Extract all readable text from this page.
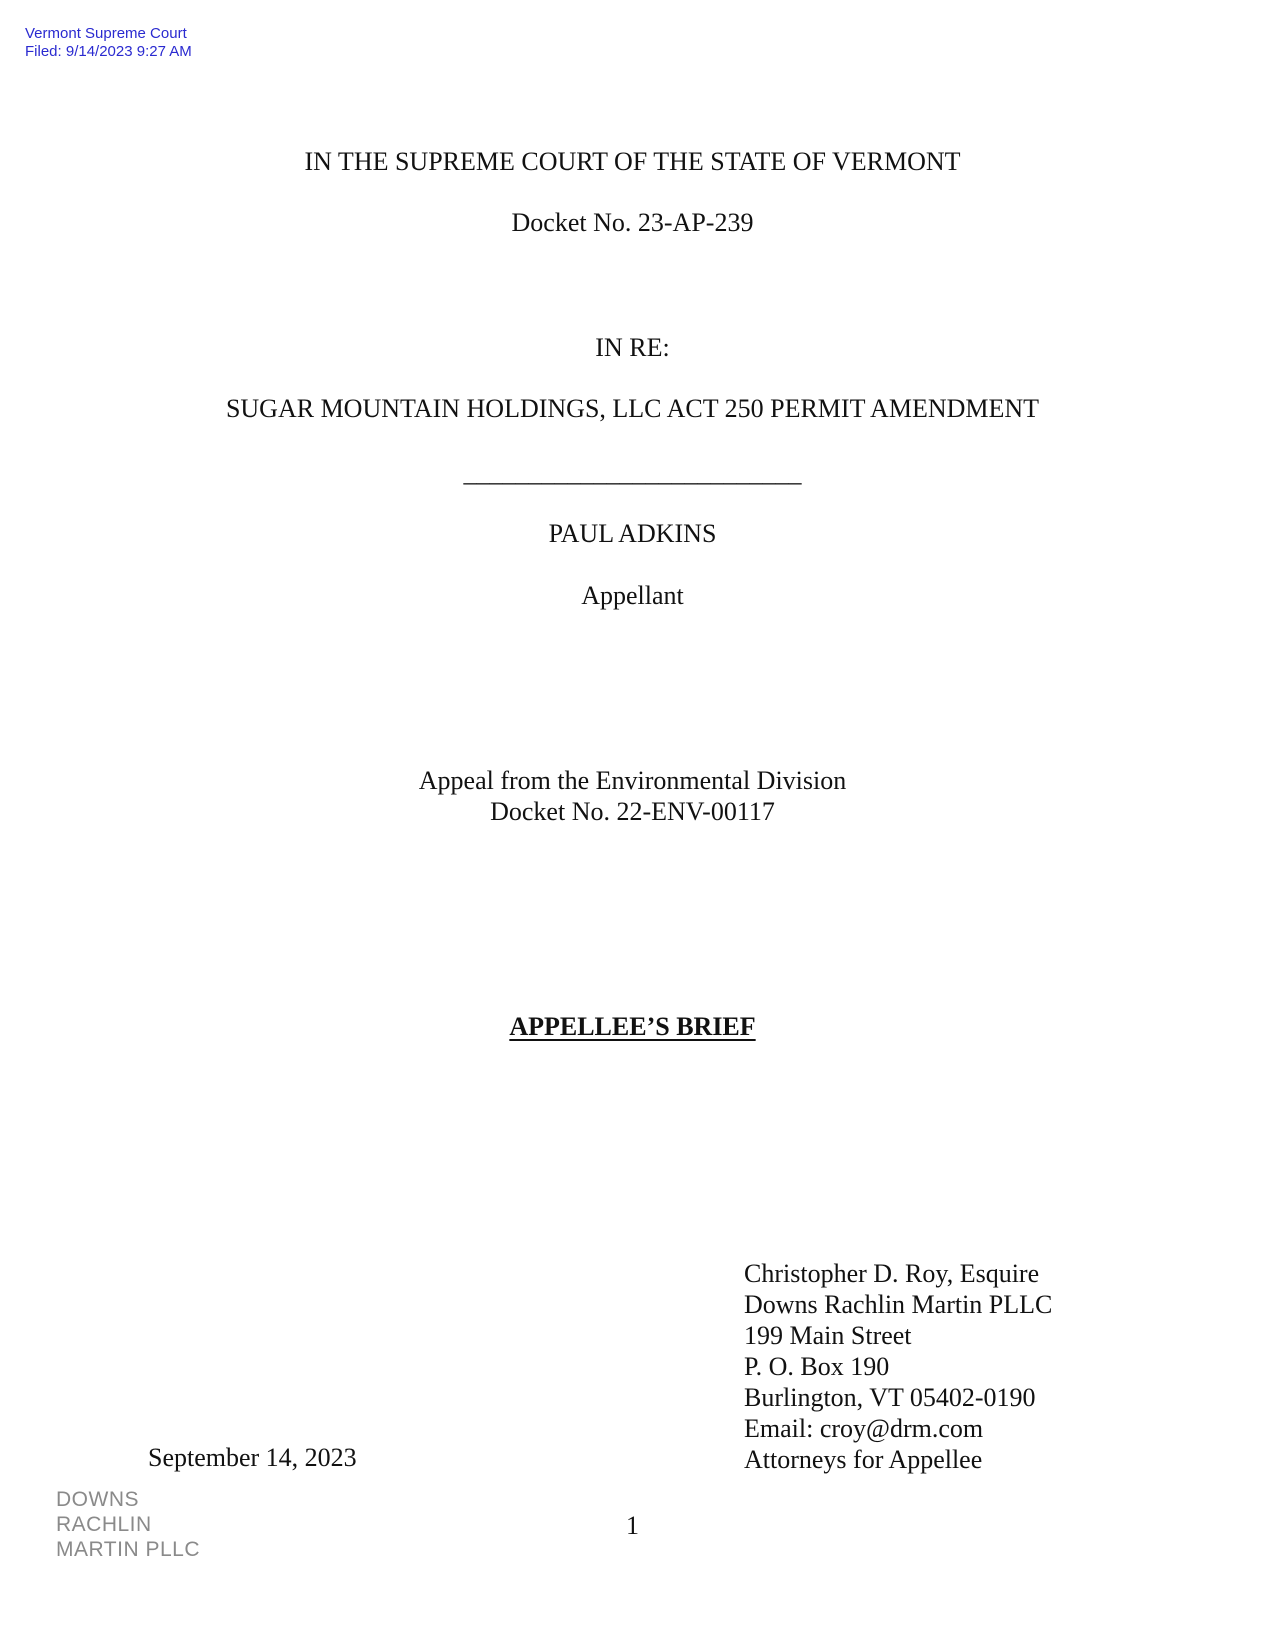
Vermont Supreme Court
Filed: 9/14/2023 9:27 AM
IN THE SUPREME COURT OF THE STATE OF VERMONT
Docket No. 23-AP-239
IN RE:
SUGAR MOUNTAIN HOLDINGS, LLC ACT 250 PERMIT AMENDMENT
__________________________
PAUL ADKINS
Appellant
Appeal from the Environmental Division
Docket No. 22-ENV-00117
APPELLEE’S BRIEF
Christopher D. Roy, Esquire
Downs Rachlin Martin PLLC
199 Main Street
P. O. Box 190
Burlington, VT 05402-0190
Email: croy@drm.com
Attorneys for Appellee
September 14, 2023
1
DOWNS
RACHLIN
MARTIN PLLC
